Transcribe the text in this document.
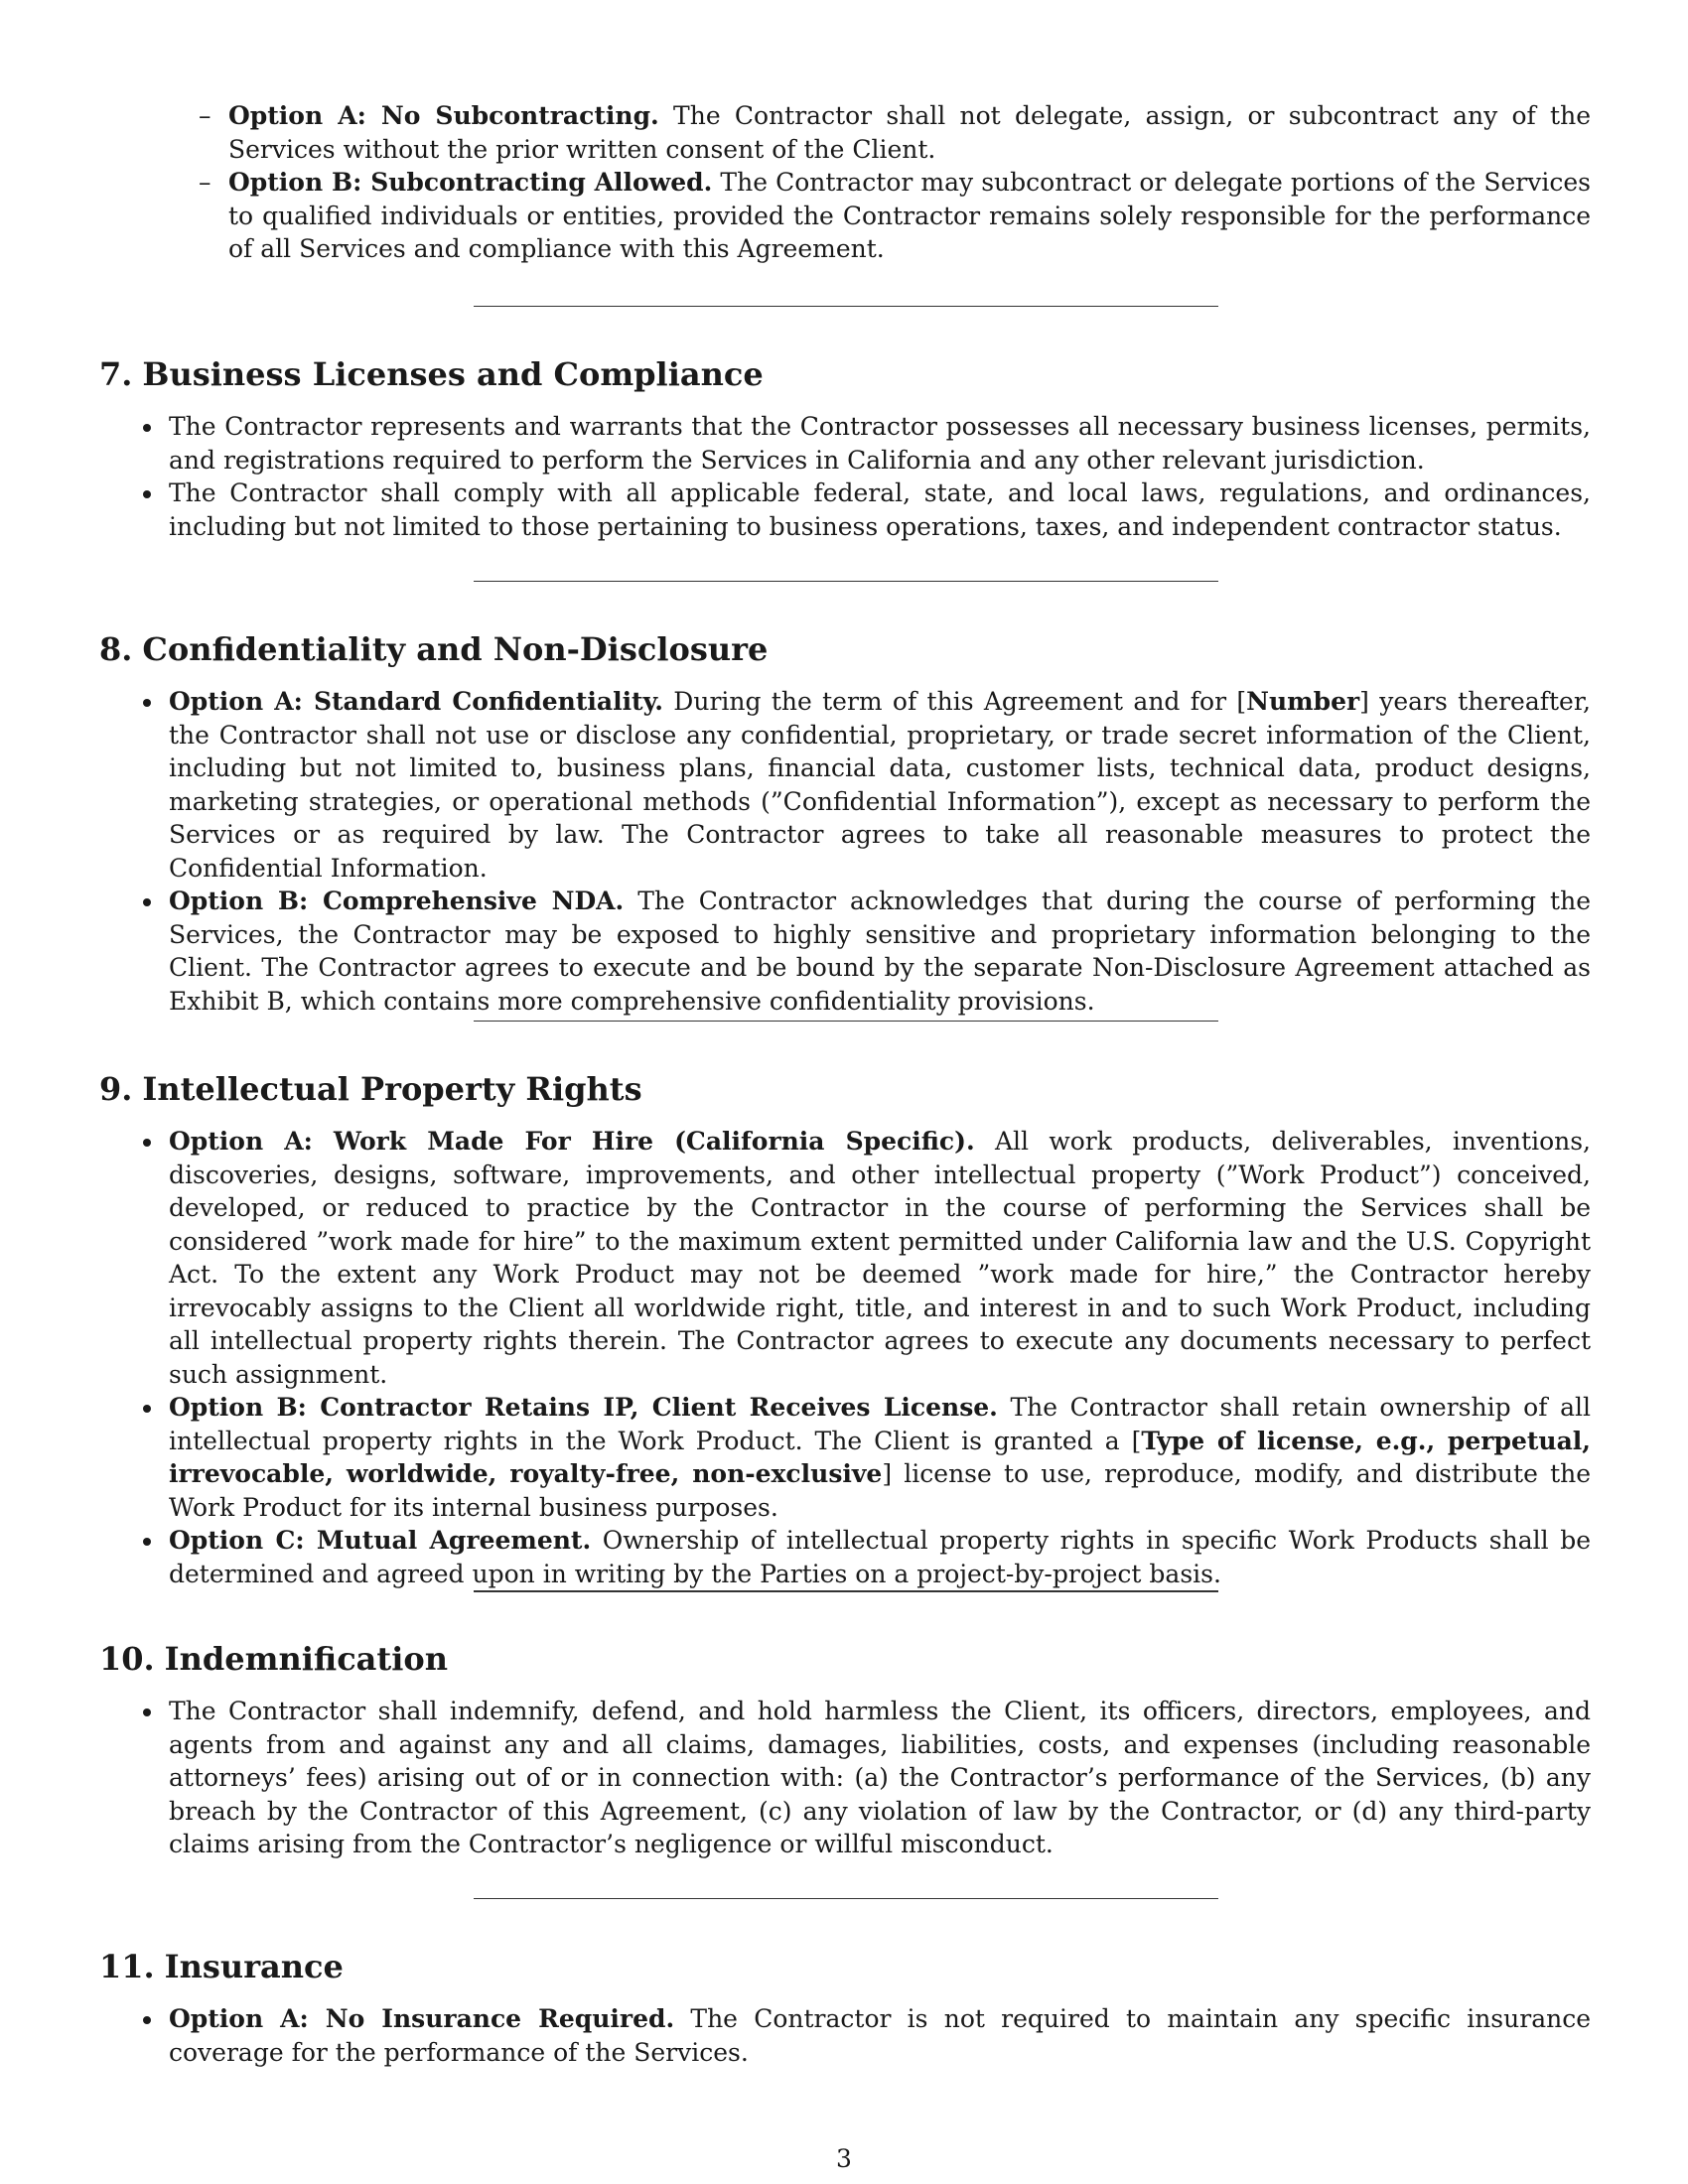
– Option A: No Subcontracting. The Contractor shall not delegate, assign, or subcontract any of the Services without the prior written consent of the Client.
– Option B: Subcontracting Allowed. The Contractor may subcontract or delegate portions of the Services to qualified individuals or entities, provided the Contractor remains solely responsible for the performance of all Services and compliance with this Agreement.
7. Business Licenses and Compliance
The Contractor represents and warrants that the Contractor possesses all necessary business licenses, permits, and registrations required to perform the Services in California and any other relevant jurisdiction.
The Contractor shall comply with all applicable federal, state, and local laws, regulations, and ordinances, including but not limited to those pertaining to business operations, taxes, and independent contractor status.
8. Confidentiality and Non-Disclosure
Option A: Standard Confidentiality. During the term of this Agreement and for [Number] years thereafter, the Contractor shall not use or disclose any confidential, proprietary, or trade secret information of the Client, including but not limited to, business plans, financial data, customer lists, technical data, product designs, marketing strategies, or operational methods (”Confidential Information”), except as necessary to perform the Services or as required by law. The Contractor agrees to take all reasonable measures to protect the Confidential Information.
Option B: Comprehensive NDA. The Contractor acknowledges that during the course of performing the Services, the Contractor may be exposed to highly sensitive and proprietary information belonging to the Client. The Contractor agrees to execute and be bound by the separate Non-Disclosure Agreement attached as Exhibit B, which contains more comprehensive confidentiality provisions.
9. Intellectual Property Rights
Option A: Work Made For Hire (California Specific). All work products, deliverables, inventions, discoveries, designs, software, improvements, and other intellectual property (”Work Product”) conceived, developed, or reduced to practice by the Contractor in the course of performing the Services shall be considered ”work made for hire” to the maximum extent permitted under California law and the U.S. Copyright Act. To the extent any Work Product may not be deemed ”work made for hire,” the Contractor hereby irrevocably assigns to the Client all worldwide right, title, and interest in and to such Work Product, including all intellectual property rights therein. The Contractor agrees to execute any documents necessary to perfect such assignment.
Option B: Contractor Retains IP, Client Receives License. The Contractor shall retain ownership of all intellectual property rights in the Work Product. The Client is granted a [Type of license, e.g., perpetual, irrevocable, worldwide, royalty-free, non-exclusive] license to use, reproduce, modify, and distribute the Work Product for its internal business purposes.
Option C: Mutual Agreement. Ownership of intellectual property rights in specific Work Products shall be determined and agreed upon in writing by the Parties on a project-by-project basis.
10. Indemnification
The Contractor shall indemnify, defend, and hold harmless the Client, its officers, directors, employees, and agents from and against any and all claims, damages, liabilities, costs, and expenses (including reasonable attorneys’ fees) arising out of or in connection with: (a) the Contractor’s performance of the Services, (b) any breach by the Contractor of this Agreement, (c) any violation of law by the Contractor, or (d) any third-party claims arising from the Contractor’s negligence or willful misconduct.
11. Insurance
Option A: No Insurance Required. The Contractor is not required to maintain any specific insurance coverage for the performance of the Services.
3
